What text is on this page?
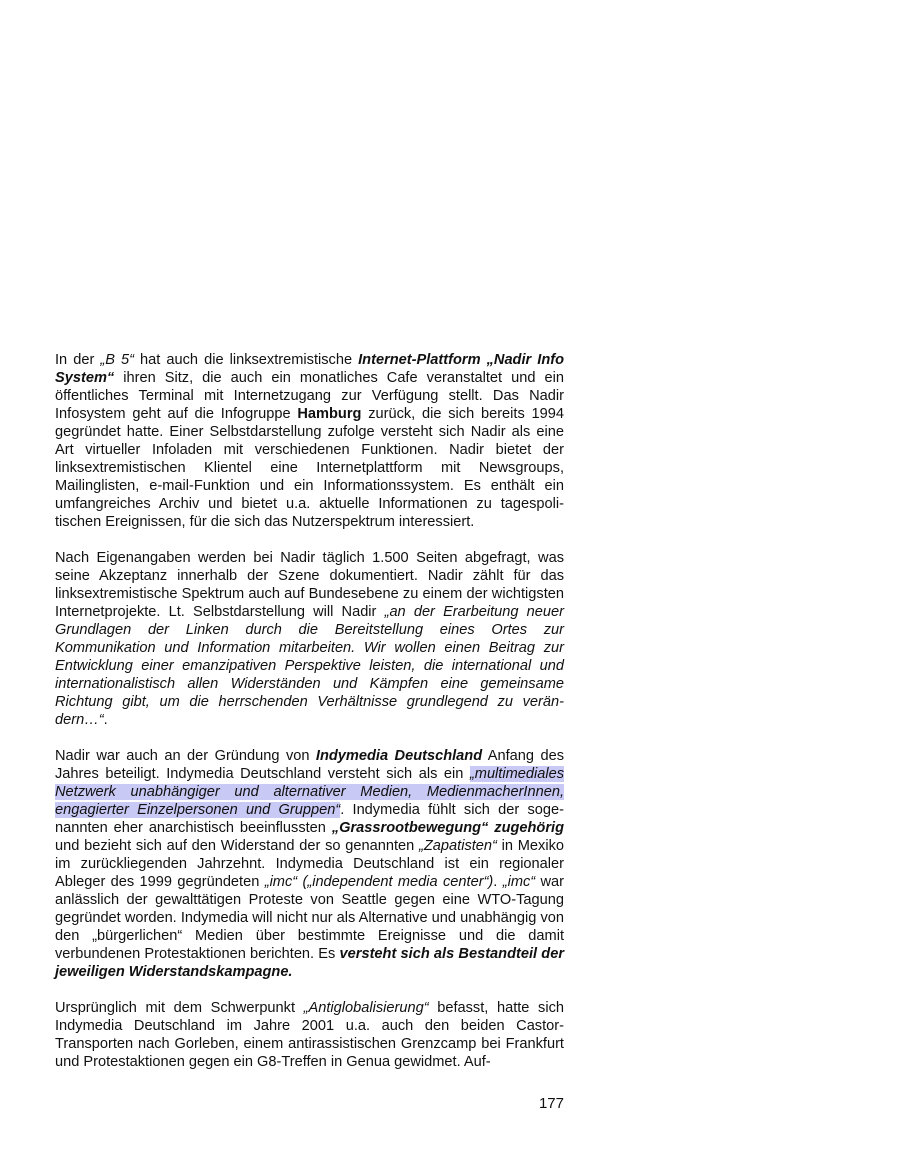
In der „B 5“ hat auch die linksextremistische Internet-Plattform „Nadir Info System“ ihren Sitz, die auch ein monatliches Cafe veranstaltet und ein öffentliches Terminal mit Internetzugang zur Verfügung stellt. Das Nadir Infosystem geht auf die Infogruppe Hamburg zurück, die sich bereits 1994 gegründet hatte. Einer Selbstdarstellung zufolge versteht sich Nadir als eine Art virtueller Infoladen mit verschiedenen Funktionen. Nadir bietet der linksextremistischen Klientel eine Internetplattform mit Newsgroups, Mailinglisten, e-mail-Funktion und ein Informationssystem. Es enthält ein umfangreiches Archiv und bietet u.a. aktuelle Informationen zu tagespolitischen Ereignissen, für die sich das Nutzerspektrum interessiert.

Nach Eigenangaben werden bei Nadir täglich 1.500 Seiten abgefragt, was seine Akzeptanz innerhalb der Szene dokumentiert. Nadir zählt für das linksextremistische Spektrum auch auf Bundesebene zu einem der wichtigsten Internetprojekte. Lt. Selbstdarstellung will Nadir „an der Erarbeitung neuer Grundlagen der Linken durch die Bereitstellung eines Ortes zur Kommunikation und Information mitarbeiten. Wir wollen einen Beitrag zur Entwicklung einer emanzipativen Perspektive leisten, die international und internationalistisch allen Widerständen und Kämpfen eine gemeinsame Richtung gibt, um die herrschenden Verhältnisse grundlegend zu verändern…“.

Nadir war auch an der Gründung von Indymedia Deutschland Anfang des Jahres beteiligt. Indymedia Deutschland versteht sich als ein „multimediales Netzwerk unabhängiger und alternativer Medien, MedienmacherInnen, engagierter Einzelpersonen und Gruppen“. Indymedia fühlt sich der sogenannten eher anarchistisch beeinflussten „Grassrootbewegung“ zugehörig und bezieht sich auf den Widerstand der so genannten „Zapatisten“ in Mexiko im zurückliegenden Jahrzehnt. Indymedia Deutschland ist ein regionaler Ableger des 1999 gegründeten „imc“ („independent media center“). „imc“ war anlässlich der gewalttätigen Proteste von Seattle gegen eine WTO-Tagung gegründet worden. Indymedia will nicht nur als Alternative und unabhängig von den „bürgerlichen“ Medien über bestimmte Ereignisse und die damit verbundenen Protestaktionen berichten. Es versteht sich als Bestandteil der jeweiligen Widerstandskampagne.

Ursprünglich mit dem Schwerpunkt „Antiglobalisierung“ befasst, hatte sich Indymedia Deutschland im Jahre 2001 u.a. auch den beiden Castor-Transporten nach Gorleben, einem antirassistischen Grenzcamp bei Frankfurt und Protestaktionen gegen ein G8-Treffen in Genua gewidmet. Auf-

177
